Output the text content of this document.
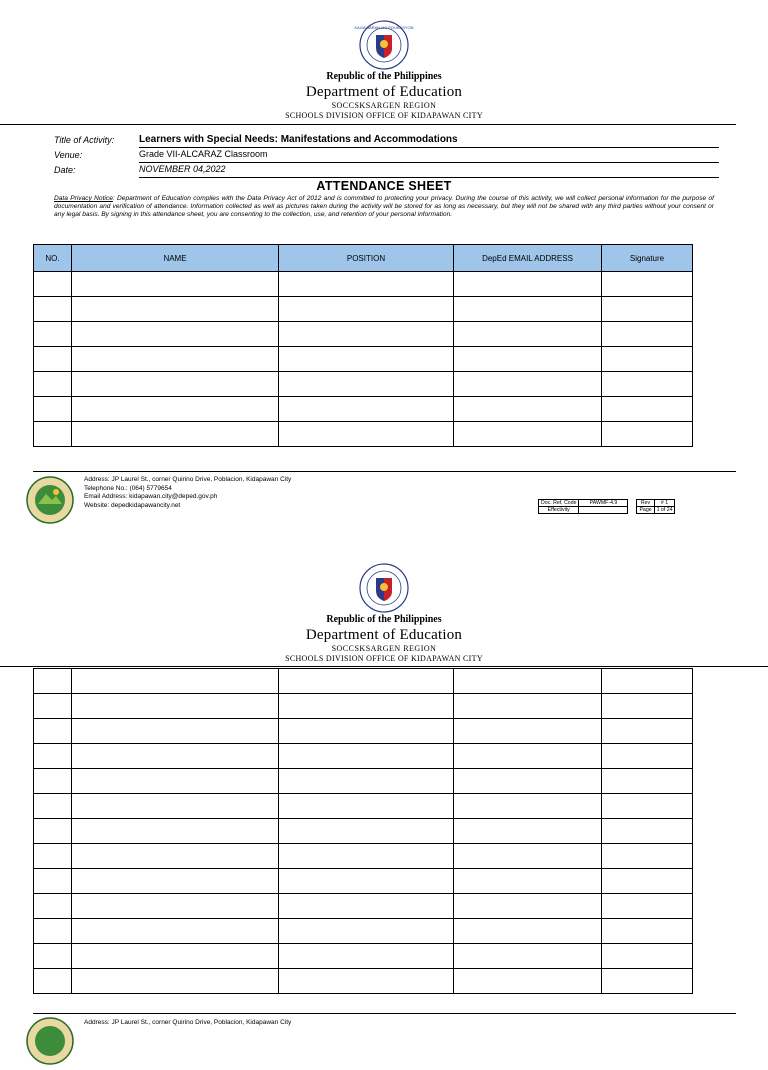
KAGAWARAN NG EDUKASYON
Republic of the Philippines
Department of Education
SOCCSKSARGEN REGION
SCHOOLS DIVISION OFFICE OF KIDAPAWAN CITY
Title of Activity: Learners with Special Needs: Manifestations and Accommodations
Venue:	Grade VII-ALCARAZ Classroom
Date:	NOVEMBER 04,2022
ATTENDANCE SHEET
Data Privacy Notice: Department of Education complies with the Data Privacy Act of 2012 and is committed to protecting your privacy. During the course of this activity, we will collect personal information for the purpose of documentation and verification of attendance. Information collected as well as pictures taken during the activity will be stored for as long as necessary, but they will not be shared with any third parties without your consent or any legal basis. By signing in this attendance sheet, you are consenting to the collection, use, and retention of your personal information.
NO.	NAME	POSITION	DepEd EMAIL ADDRESS	Signature

Address: JP Laurel St., corner Quirino Drive, Poblacion, Kidapawan City
Telephone No.: (064) 5779654
Email Address: kidapawan.city@deped.gov.ph
Website: depedkidapawancity.net	Doc. Ref. Code	PAWMF-4.9		Rev	# 1
Effectivity			Page	1 of 24
Republic of the Philippines
Department of Education
SOCCSKSARGEN REGION
SCHOOLS DIVISION OFFICE OF KIDAPAWAN CITY

Address: JP Laurel St., corner Quirino Drive, Poblacion, Kidapawan City
